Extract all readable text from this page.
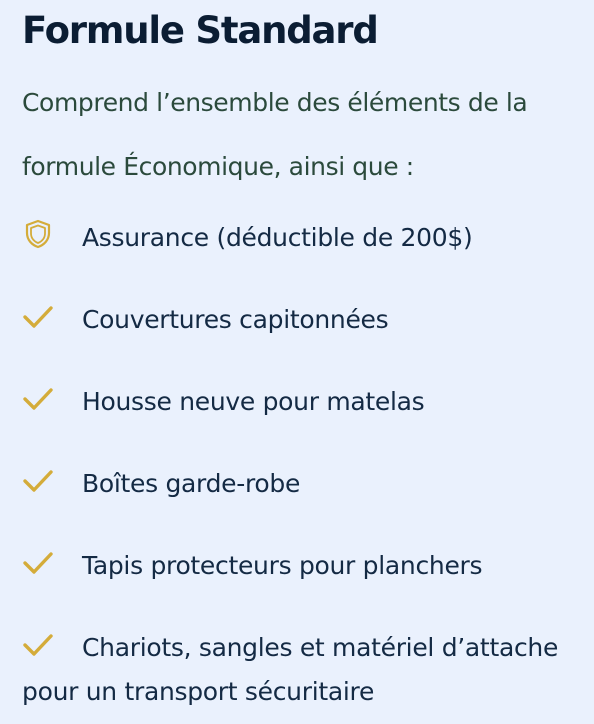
Formule Standard

Comprend l’ensemble des éléments de la formule Économique, ainsi que :

Assurance (déductible de 200$)
Couvertures capitonnées
Housse neuve pour matelas
Boîtes garde-robe
Tapis protecteurs pour planchers
Chariots, sangles et matériel d’attache pour un transport sécuritaire
